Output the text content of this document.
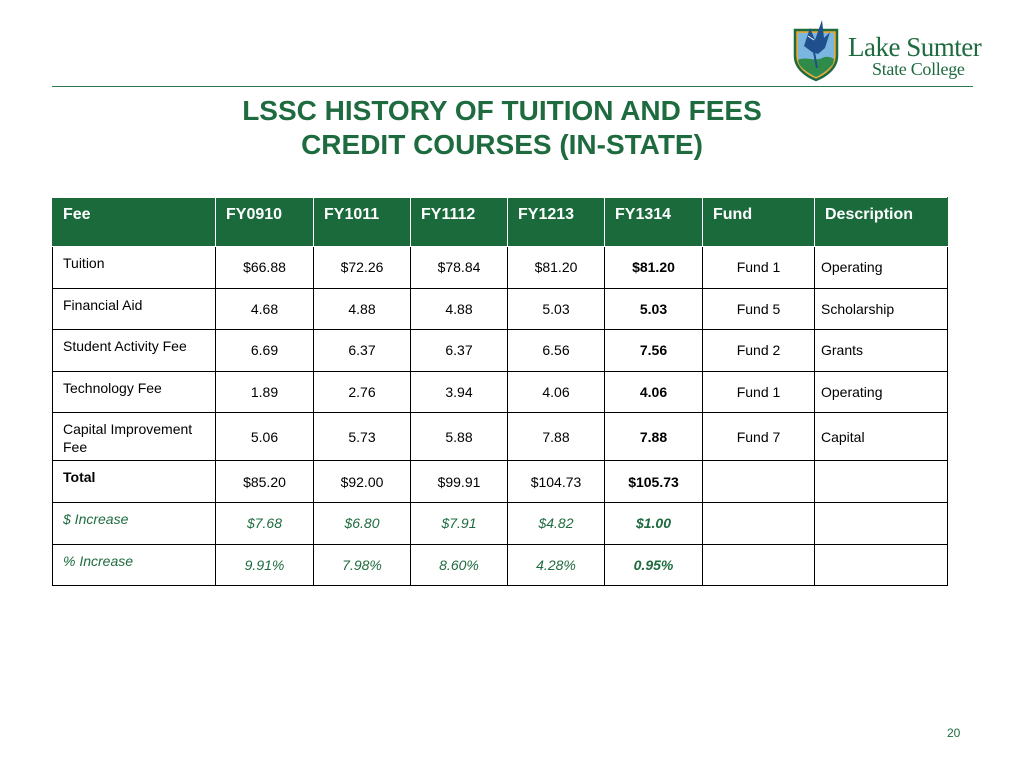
Lake Sumter
State College
LSSC HISTORY OF TUITION AND FEES
CREDIT COURSES (IN-STATE)
Fee	FY0910	FY1011	FY1112	FY1213	FY1314	Fund	Description
Tuition	$66.88	$72.26	$78.84	$81.20	$81.20	Fund 1	Operating
Financial Aid	4.68	4.88	4.88	5.03	5.03	Fund 5	Scholarship
Student Activity Fee	6.69	6.37	6.37	6.56	7.56	Fund 2	Grants
Technology Fee	1.89	2.76	3.94	4.06	4.06	Fund 1	Operating
Capital Improvement Fee	5.06	5.73	5.88	7.88	7.88	Fund 7	Capital
Total	$85.20	$92.00	$99.91	$104.73	$105.73		
$ Increase	$7.68	$6.80	$7.91	$4.82	$1.00		
% Increase	9.91%	7.98%	8.60%	4.28%	0.95%		
20
